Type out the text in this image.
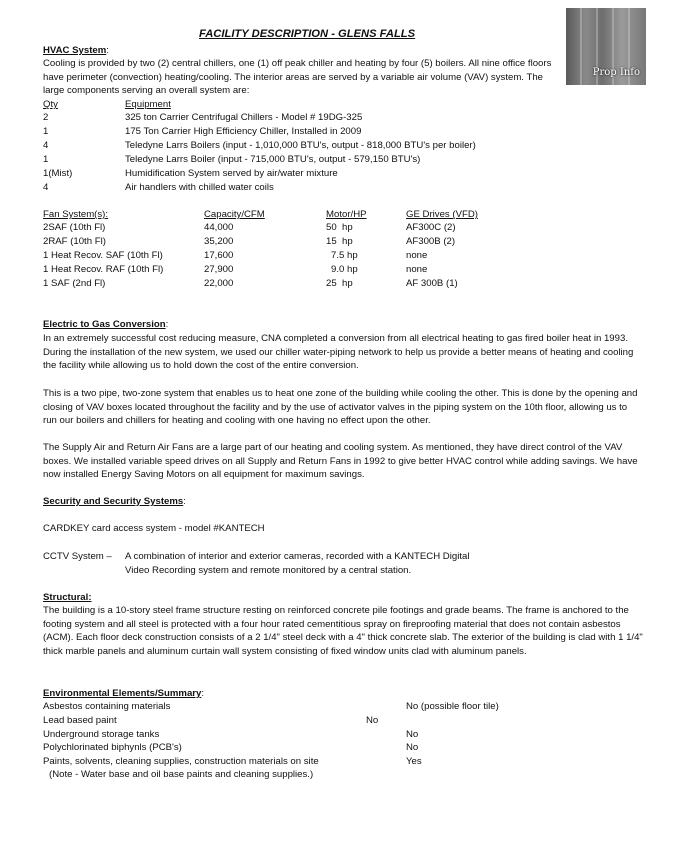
FACILITY DESCRIPTION - GLENS FALLS
Prop Info
HVAC System:
Cooling is provided by two (2) central chillers, one (1) off peak chiller and heating by four (5) boilers. All nine office floors have perimeter (convection) heating/cooling. The interior areas are served by a variable air volume (VAV) system. The large components serving an overall system are:
Qty	Equipment
2	325 ton Carrier Centrifugal Chillers - Model # 19DG-325
1	175 Ton Carrier High Efficiency Chiller, Installed in 2009
4	Teledyne Larrs Boilers (input - 1,010,000 BTU's, output - 818,000 BTU's per boiler)
1	Teledyne Larrs Boiler (input - 715,000 BTU's, output - 579,150 BTU's)
1(Mist)	Humidification System served by air/water mixture
4	Air handlers with chilled water coils
Fan System(s):	Capacity/CFM	Motor/HP	GE Drives (VFD)
2SAF (10th Fl)	44,000	50  hp	AF300C (2)
2RAF (10th Fl)	35,200	15  hp	AF300B (2)
1 Heat Recov. SAF (10th Fl)	17,600	7.5 hp	none
1 Heat Recov. RAF (10th Fl)	27,900	9.0 hp	none
1 SAF (2nd Fl)	22,000	25  hp	AF 300B (1)
Electric to Gas Conversion:
In an extremely successful cost reducing measure, CNA completed a conversion from all electrical heating to gas fired boiler heat in 1993. During the installation of the new system, we used our chiller water-piping network to help us provide a better means of heating and cooling the facility while allowing us to hold down the cost of the entire conversion.
This is a two pipe, two-zone system that enables us to heat one zone of the building while cooling the other. This is done by the opening and closing of VAV boxes located throughout the facility and by the use of activator valves in the piping system on the 10th floor, allowing us to run our boilers and chillers for heating and cooling with one having no effect upon the other.
The Supply Air and Return Air Fans are a large part of our heating and cooling system. As mentioned, they have direct control of the VAV boxes. We installed variable speed drives on all Supply and Return Fans in 1992 to give better HVAC control while adding savings. We have now installed Energy Saving Motors on all equipment for maximum savings.
Security and Security Systems:
CARDKEY card access system - model #KANTECH
CCTV System – A combination of interior and exterior cameras, recorded with a KANTECH Digital
Video Recording system and remote monitored by a central station.
Structural:
The building is a 10-story steel frame structure resting on reinforced concrete pile footings and grade beams. The frame is anchored to the footing system and all steel is protected with a four hour rated cementitious spray on fireproofing material that does not contain asbestos (ACM). Each floor deck construction consists of a 2 1/4" steel deck with a 4" thick concrete slab. The exterior of the building is clad with 1 1/4" thick marble panels and aluminum curtain wall system consisting of fixed window units clad with aluminum panels.
Environmental Elements/Summary:
Asbestos containing materials	No (possible floor tile)
Lead based paint	No
Underground storage tanks	No
Polychlorinated biphynls (PCB's)	No
Paints, solvents, cleaning supplies, construction materials on site	Yes
(Note - Water base and oil base paints and cleaning supplies.)
